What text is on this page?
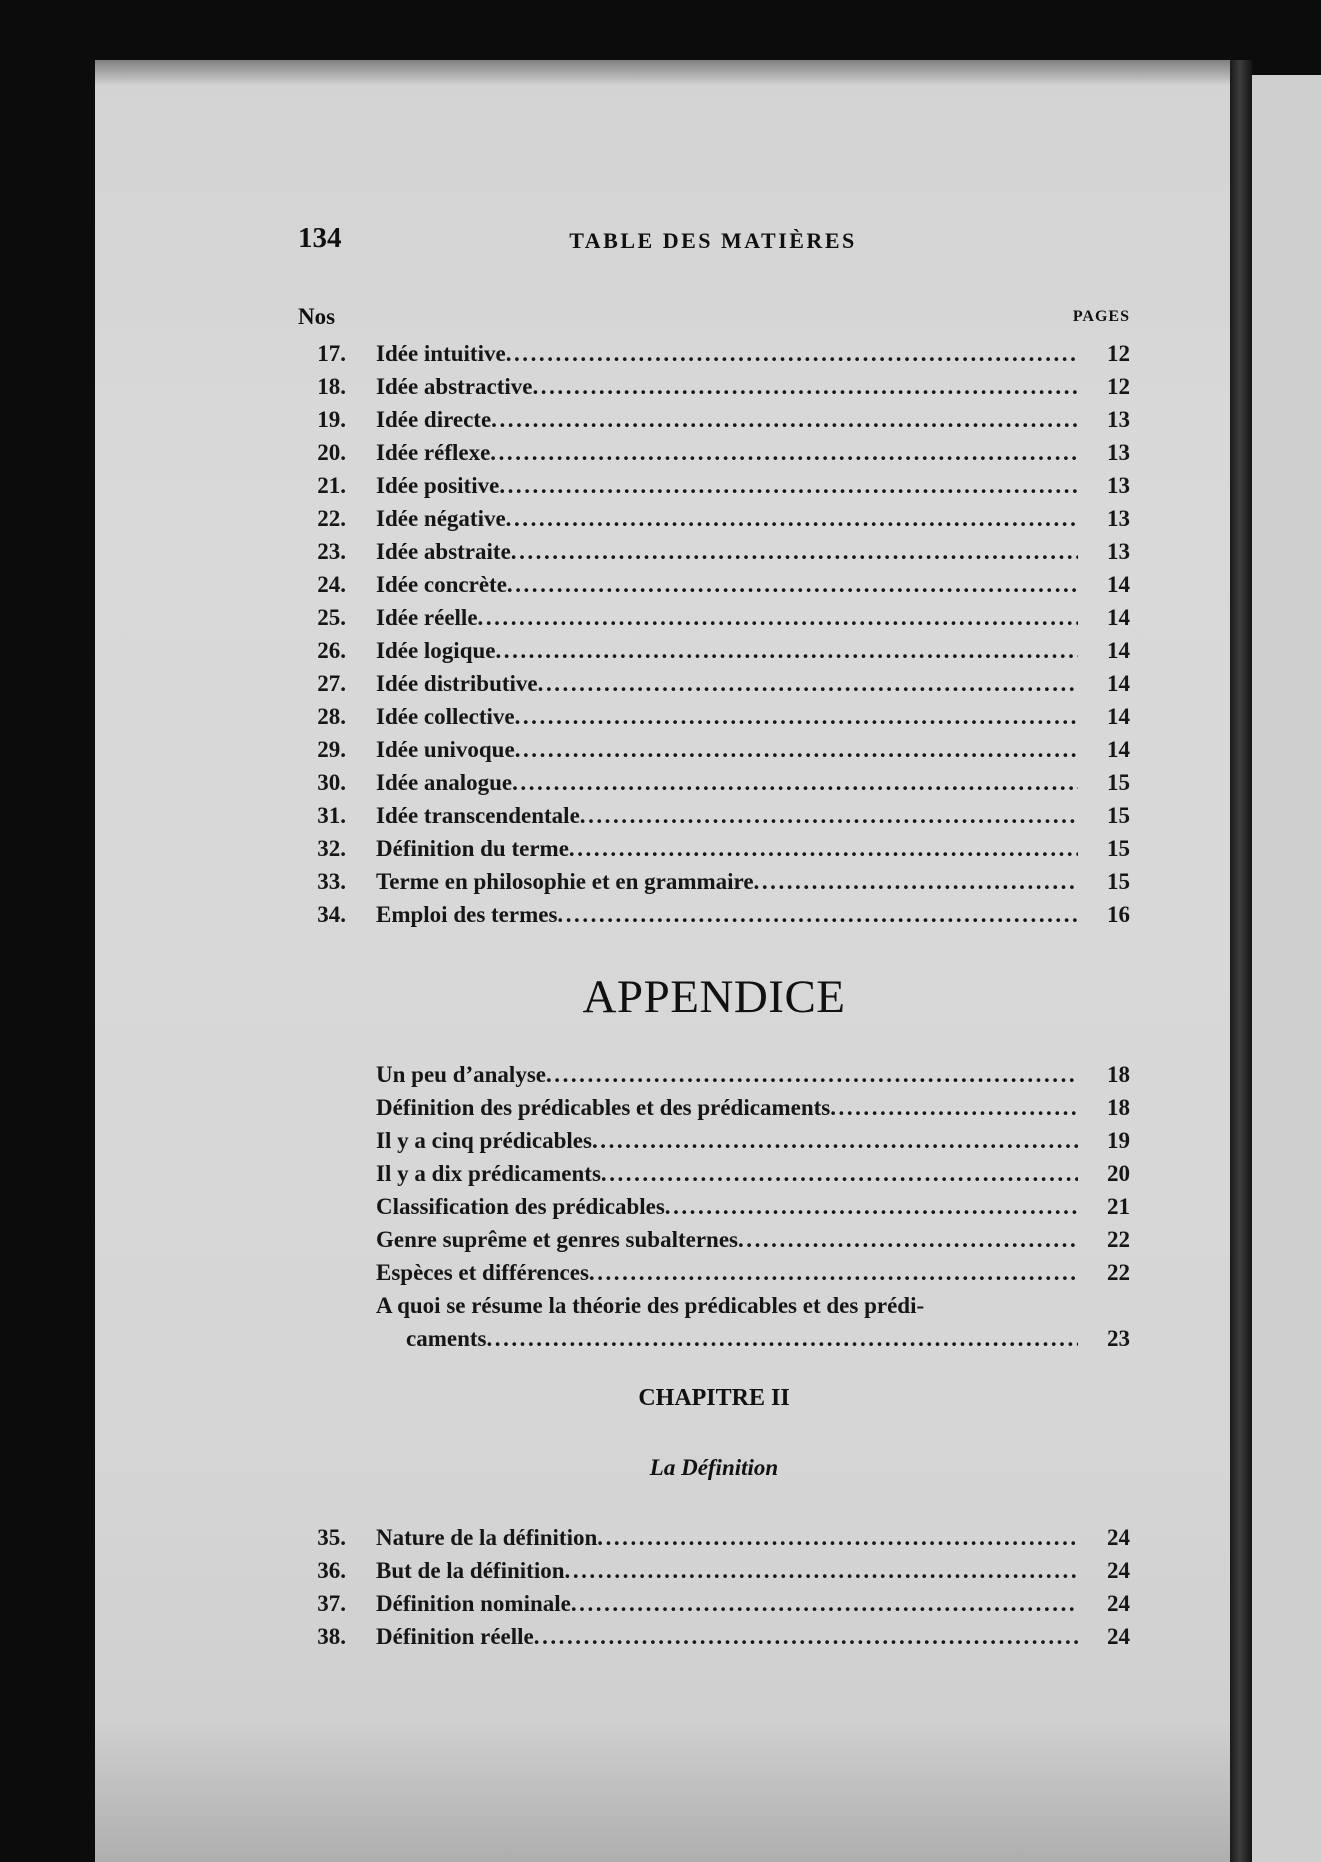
134	TABLE DES MATIÈRES
Nos	PAGES
17. Idée intuitive . . .	12
18. Idée abstractive . . .	12
19. Idée directe . . .	13
20. Idée réflexe . . .	13
21. Idée positive . . .	13
22. Idée négative . . .	13
23. Idée abstraite . . .	13
24. Idée concrète . . .	14
25. Idée réelle . . .	14
26. Idée logique . . .	14
27. Idée distributive . . .	14
28. Idée collective . . .	14
29. Idée univoque . . .	14
30. Idée analogue . . .	15
31. Idée transcendentale . . .	15
32. Définition du terme . . .	15
33. Terme en philosophie et en grammaire . . .	15
34. Emploi des termes . . .	16
APPENDICE
Un peu d’analyse . . .	18
Définition des prédicables et des prédicaments . . .	18
Il y a cinq prédicables . . .	19
Il y a dix prédicaments . . .	20
Classification des prédicables . . .	21
Genre suprême et genres subalternes . . .	22
Espèces et différences . . .	22
A quoi se résume la théorie des prédicables et des prédi-
caments . . .	23
CHAPITRE II
La Définition
35. Nature de la définition . . .	24
36. But de la définition . . .	24
37. Définition nominale . . .	24
38. Définition réelle . . .	24
